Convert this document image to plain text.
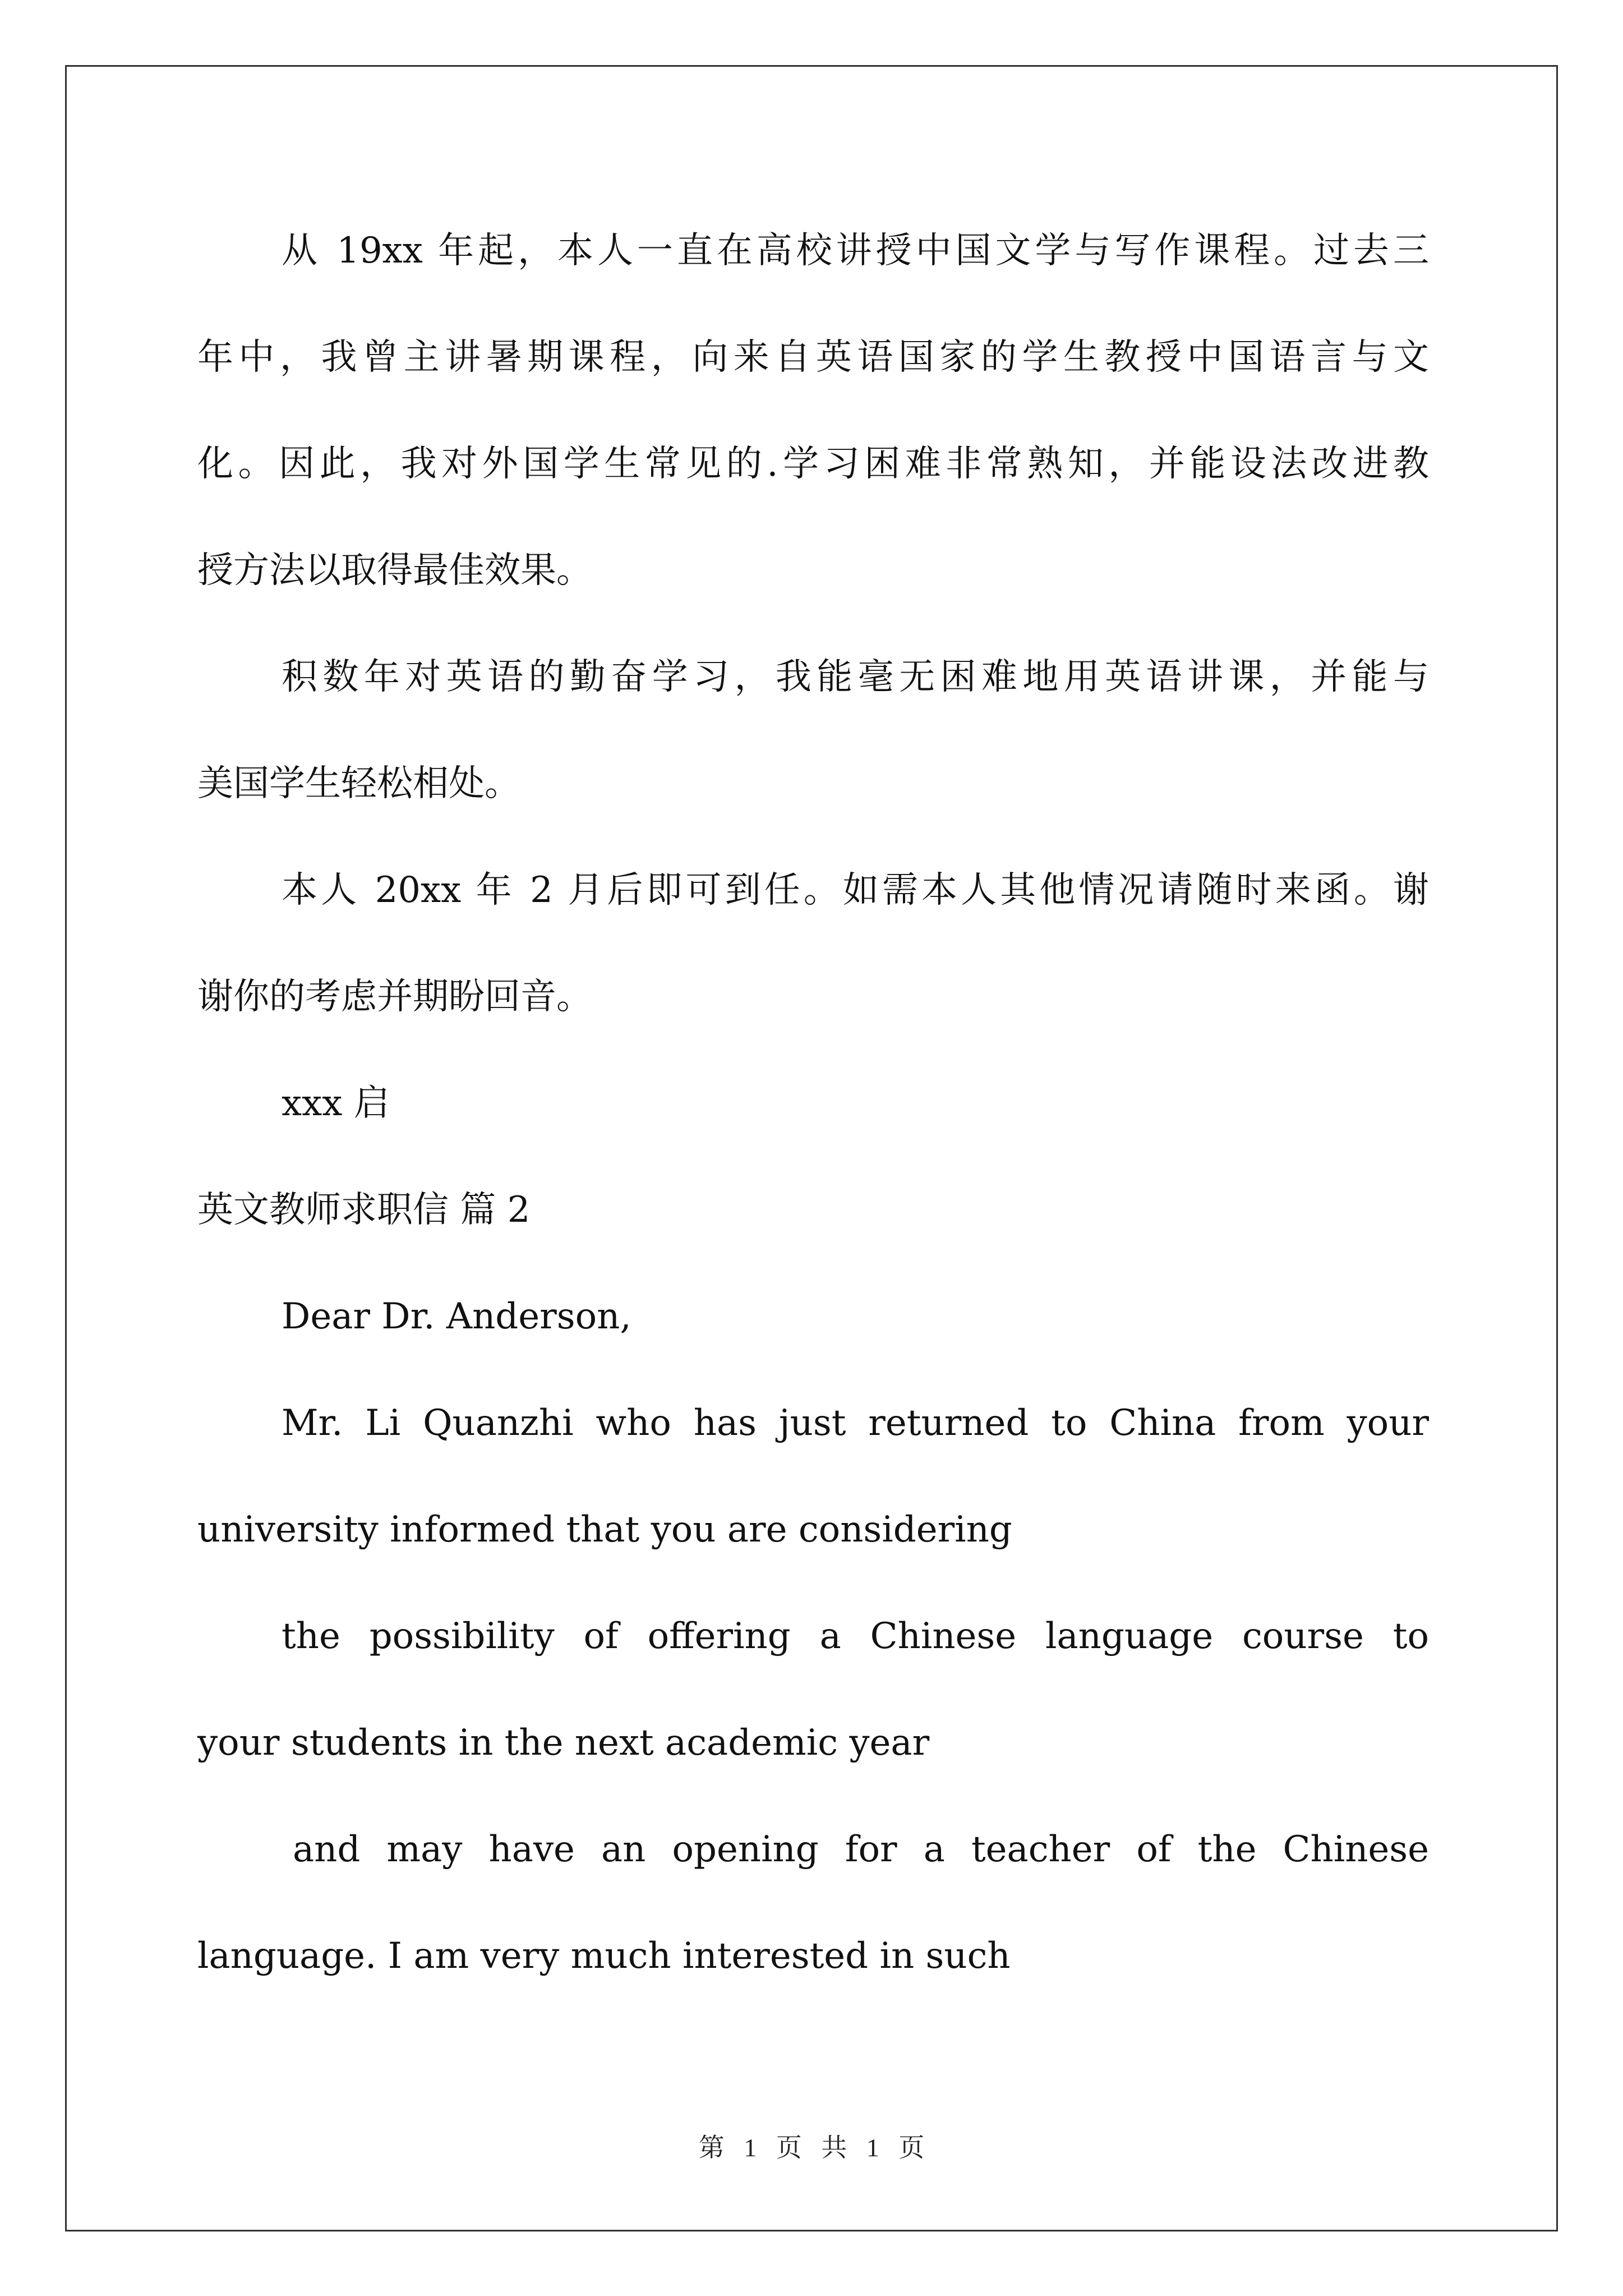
从 19xx 年起，本人一直在高校讲授中国文学与写作课程。过去三
年中，我曾主讲暑期课程，向来自英语国家的学生教授中国语言与文
化。因此，我对外国学生常见的.学习困难非常熟知，并能设法改进教
授方法以取得最佳效果。
积数年对英语的勤奋学习，我能毫无困难地用英语讲课，并能与
美国学生轻松相处。
本人 20xx 年 2 月后即可到任。如需本人其他情况请随时来函。谢
谢你的考虑并期盼回音。
xxx 启
英文教师求职信 篇 2
Dear Dr. Anderson,
Mr. Li Quanzhi who has just returned to China from your
university informed that you are considering
the possibility of offering a Chinese language course to
your students in the next academic year
and may have an opening for a teacher of the Chinese
language. I am very much interested in such
第 1 页 共 1 页
